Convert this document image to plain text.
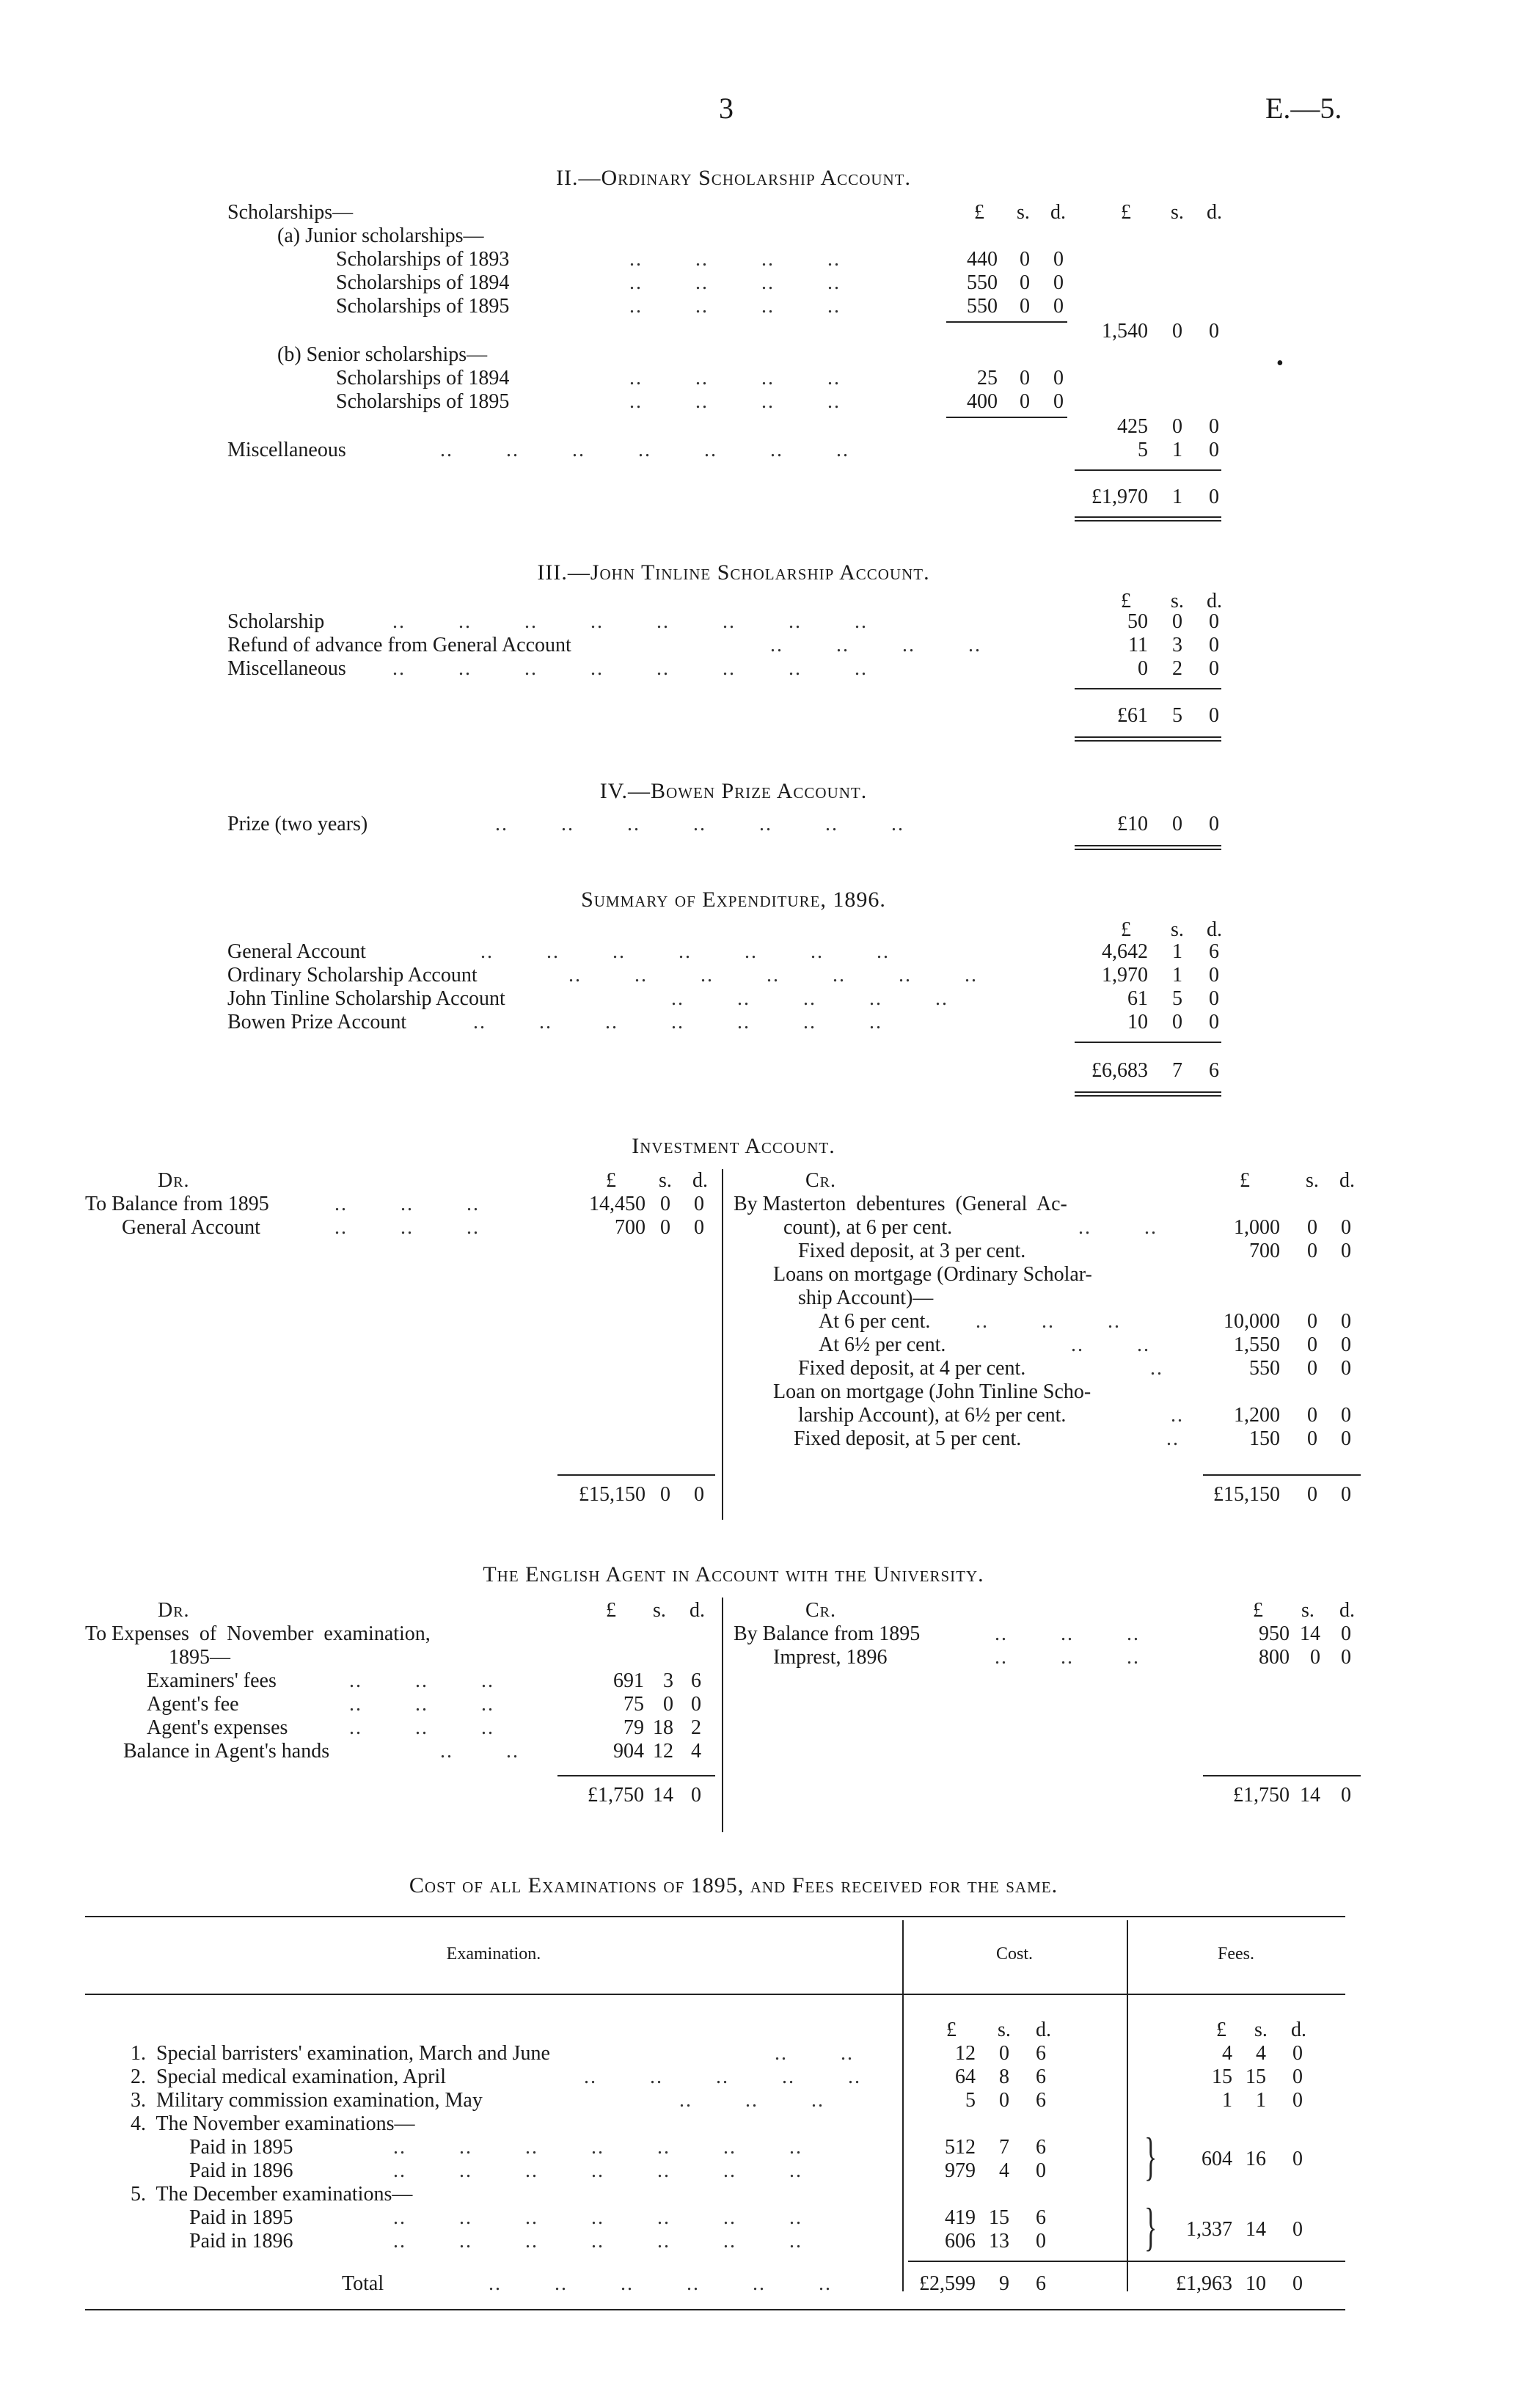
3	E.—5.
II.—Ordinary Scholarship Account.
£ s. d.	£ s. d.
Scholarships—
(a) Junior scholarships—
Scholarships of 1893	..        ..        ..        ..	440	0	0
Scholarships of 1894	..        ..        ..        ..	550	0	0
Scholarships of 1895	..        ..        ..        ..	550	0	0
1,540	0	0
(b) Senior scholarships—	•
Scholarships of 1894	..        ..        ..        ..	25	0	0
Scholarships of 1895	..        ..        ..        ..	400	0	0
425	0	0
Miscellaneous	..        ..        ..        ..        ..        ..        ..	5	1	0
£1,970	1	0
III.—John Tinline Scholarship Account.
£ s. d.
Scholarship	..        ..        ..        ..        ..        ..        ..        ..	50	0	0
Refund of advance from General Account	..        ..        ..        ..	11	3	0
Miscellaneous ..        ..        ..        ..        ..        ..        ..        ..	0	2	0
£61	5	0
IV.—Bowen Prize Account.
Prize (two years)	..        ..        ..        ..        ..        ..        ..	£10	0	0
Summary of Expenditure, 1896.
£ s. d.
General Account	..        ..        ..        ..        ..        ..        ..	4,642	1	6
Ordinary Scholarship Account	..        ..        ..        ..        ..        ..        ..	1,970	1	0
John Tinline Scholarship Account	..        ..        ..        ..        ..	61	5	0
Bowen Prize Account	..        ..        ..        ..        ..        ..        ..	10	0	0
£6,683	7	6
Investment Account.
Dr.	£ s. d.
To Balance from 1895	..        ..        ..	14,450 0	0
General Account	..        ..        ..	700 0	0
£15,150 0	0
Cr.	£	s. d.
By Masterton  debentures  (General  Ac-
count), at 6 per cent.	..        ..	1,000	0	0
Fixed deposit, at 3 per cent.	700	0	0
Loans on mortgage (Ordinary Scholar-
ship Account)—
At 6 per cent. ..        ..        ..	10,000	0	0
At 6½ per cent.	..        ..	1,550	0	0
Fixed deposit, at 4 per cent.	..	550	0	0
Loan on mortgage (John Tinline Scho-
larship Account), at 6½ per cent.	..	1,200	0	0
Fixed deposit, at 5 per cent.	..	150	0	0
£15,150	0	0
The English Agent in Account with the University.
Dr.	£ s. d.
To Expenses  of  November  examination,
1895—
Examiners' fees	..        ..        ..	691 3 6
Agent's fee	..        ..        ..	75 0 0
Agent's expenses	..        ..        ..	79 18 2
Balance in Agent's hands	..        ..	904 12 4
£1,750 14 0
Cr.	£ s. d.
By Balance from 1895	..        ..        ..	950 14	0
Imprest, 1896	..        ..        ..	800	0	0
£1,750 14	0
Cost of all Examinations of 1895, and Fees received for the same.
Examination.	Cost.	Fees.
£ s. d.	£ s. d.
1.  Special barristers' examination, March and June	..        ..	12	0	6	4	4	0
2.  Special medical examination, April	..        ..        ..        ..        ..	64	8	6	15 15	0
3.  Military commission examination, May	..        ..        ..	5	0	6	1	1	0
4.  The November examinations—
Paid in 1895	..        ..        ..        ..        ..        ..        ..	512	7	6
Paid in 1896	..        ..        ..        ..        ..        ..        ..	979	4	0 }	604 16	0
5.  The December examinations—
Paid in 1895	..        ..        ..        ..        ..        ..        ..	419 15	6
Paid in 1896	..        ..        ..        ..        ..        ..        ..	606 13	0 }	1,337 14	0
Total	..        ..        ..        ..        ..        ..	£2,599	9	6	£1,963 10	0
